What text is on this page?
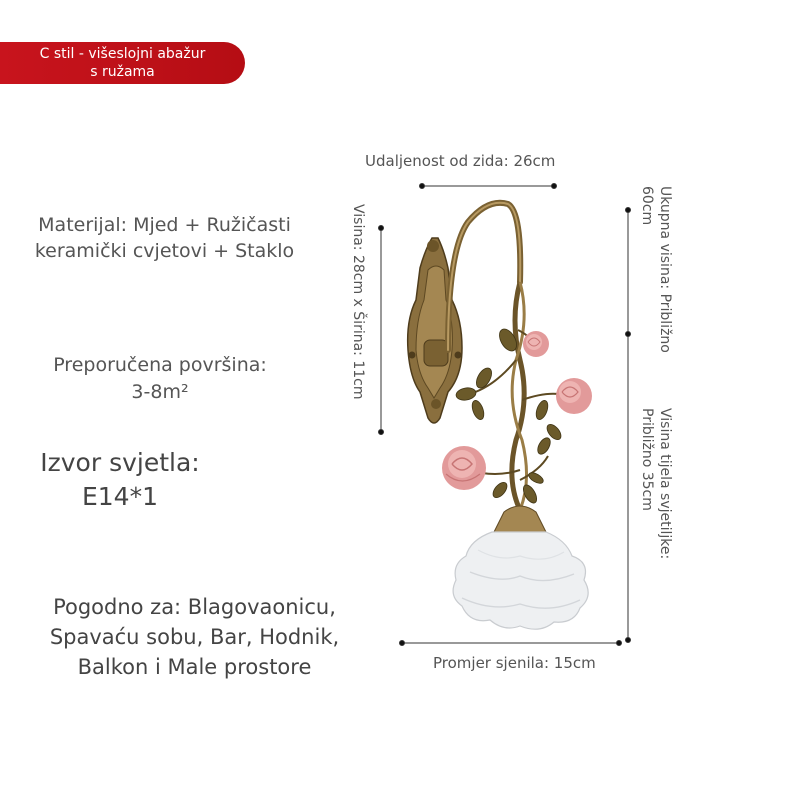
C stil - višeslojni abažur
s ružama
Materijal: Mjed + Ružičasti
keramički cvjetovi + Staklo
Preporučena površina:
3-8m²
Izvor svjetla:
E14*1
Pogodno za: Blagovaonicu,
Spavaću sobu, Bar, Hodnik,
Balkon i Male prostore
Udaljenost od zida: 26cm
Visina: 28cm x Širina: 11cm	Ukupna visina: Približno 60cm
Visina tijela svjetiljke: Približno 35cm
Promjer sjenila: 15cm
